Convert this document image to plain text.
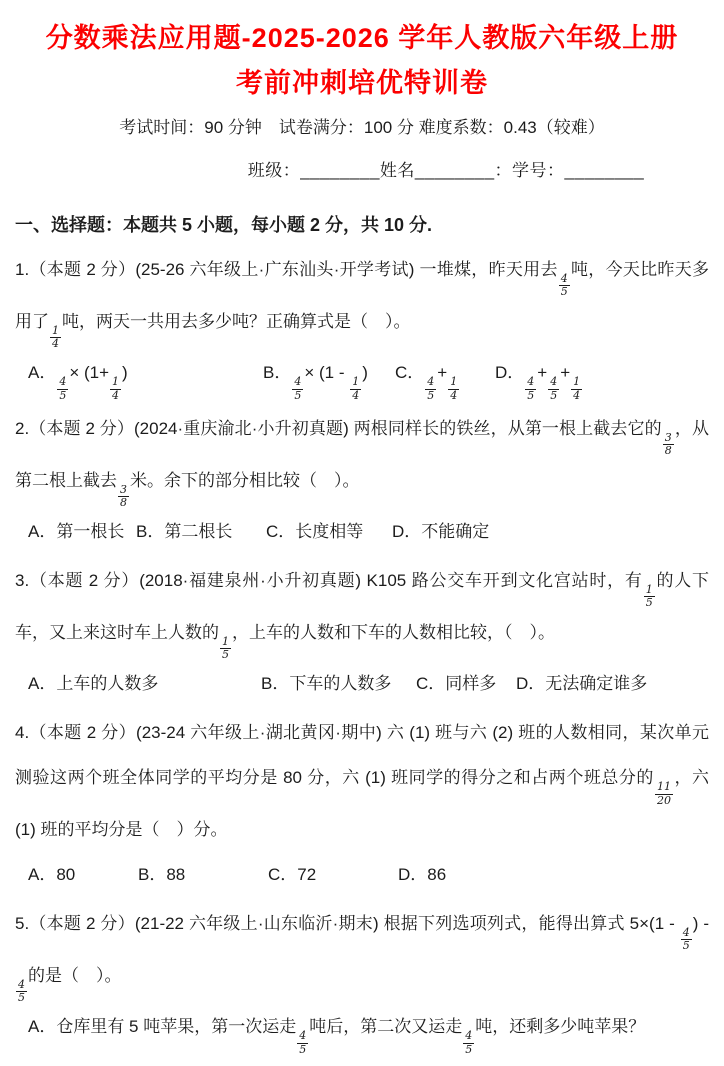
分数乘法应用题-2025-2026 学年人教版六年级上册
考前冲刺培优特训卷
考试时间：90 分钟　试卷满分：100 分 难度系数：0.43（较难）
班级：________姓名________：学号：________
一、选择题：本题共 5 小题，每小题 2 分，共 10 分.

1.（本题 2 分）(25-26 六年级上·广东汕头·开学考试) 一堆煤，昨天用去
$\frac{4}{5}$
吨，今天比昨天多用了
$\frac{1}{4}$
吨，两天一共用去多少吨？正确算式是（　）。

A．
$\frac{4}{5}$
× (1+
$\frac{1}{4}$
)	B．
$\frac{4}{5}$
× (1 -
$\frac{1}{4}$
)	C．
$\frac{4}{5}$
+
$\frac{1}{4}$
D．
$\frac{4}{5}$
+
$\frac{4}{5}$
+
$\frac{1}{4}$

2.（本题 2 分）(2024·重庆渝北·小升初真题) 两根同样长的铁丝，从第一根上截去它的
$\frac{3}{8}$
，从第二根上截去
$\frac{3}{8}$
米。余下的部分相比较（　）。

A．第一根长 B．第二根长	C．长度相等	D．不能确定

3.（本题 2 分）(2018·福建泉州·小升初真题) K105 路公交车开到文化宫站时，有
$\frac{1}{5}$
的人下车，又上来这时车上人数的
$\frac{1}{5}$
，上车的人数和下车的人数相比较，（　）。

A．上车的人数多	B．下车的人数多	C．同样多	D．无法确定谁多

4.（本题 2 分）(23-24 六年级上·湖北黄冈·期中) 六 (1) 班与六 (2) 班的人数相同，某次单元测验这两个班全体同学的平均分是 80 分，六 (1) 班同学的得分之和占两个班总分的
$\frac{11}{20}$
，六 (1) 班的平均分是（　）分。

A．80	B．88	C．72	D．86

5.（本题 2 分）(21-22 六年级上·山东临沂·期末) 根据下列选项列式，能得出算式 5×(1 -
$\frac{4}{5}$
) -
$\frac{4}{5}$
的是（　）。

A．仓库里有 5 吨苹果，第一次运走
$\frac{4}{5}$
吨后，第二次又运走
$\frac{4}{5}$
吨，还剩多少吨苹果？
